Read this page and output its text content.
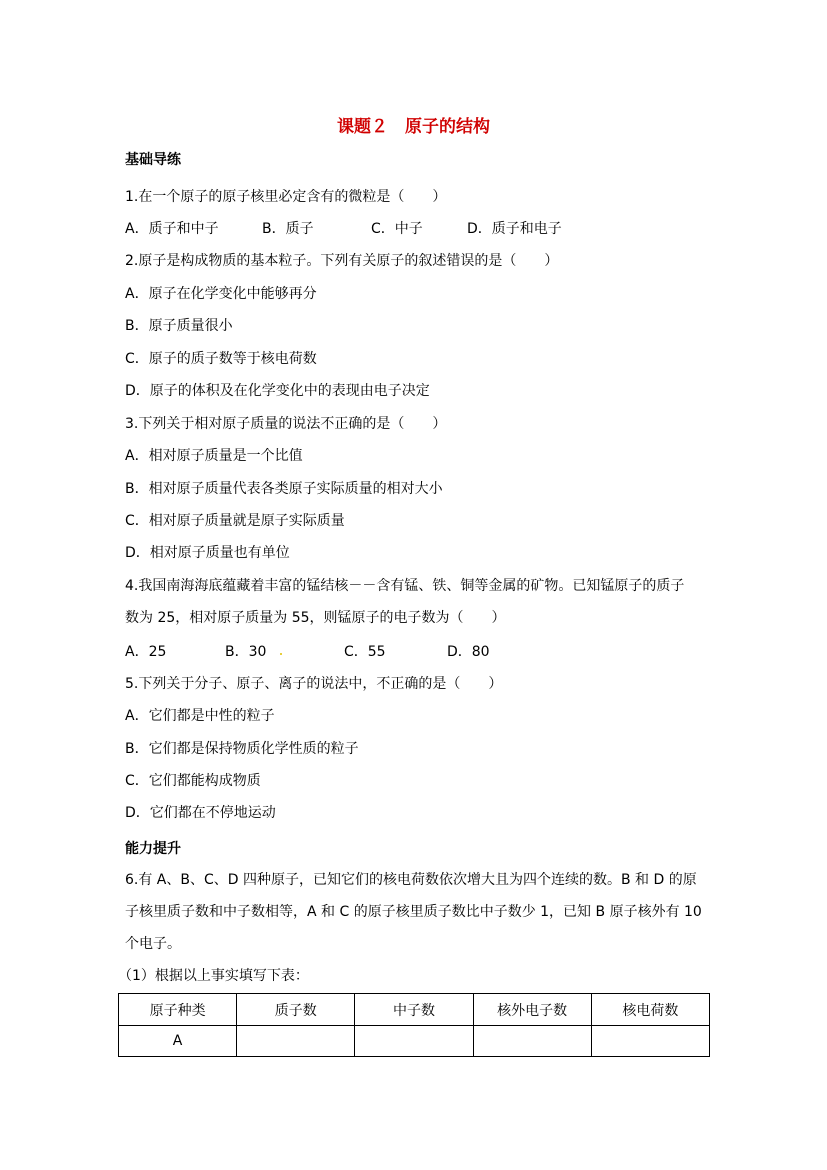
课题２　原子的结构
基础导练
1.在一个原子的原子核里必定含有的微粒是（　　）
A．质子和中子	B．质子	C．中子	D．质子和电子
2.原子是构成物质的基本粒子。下列有关原子的叙述错误的是（　　）
A．原子在化学变化中能够再分
B．原子质量很小
C．原子的质子数等于核电荷数
D．原子的体积及在化学变化中的表现由电子决定
3.下列关于相对原子质量的说法不正确的是（　　）
A．相对原子质量是一个比值
B．相对原子质量代表各类原子实际质量的相对大小
C．相对原子质量就是原子实际质量
D．相对原子质量也有单位
4.我国南海海底蕴藏着丰富的锰结核－－含有锰、铁、铜等金属的矿物。已知锰原子的质子
数为 25，相对原子质量为 55，则锰原子的电子数为（　　）
A．25	B．30	C．55	D．80
5.下列关于分子、原子、离子的说法中，不正确的是（　　）
A．它们都是中性的粒子
B．它们都是保持物质化学性质的粒子
C．它们都能构成物质
D．它们都在不停地运动
能力提升
6.有 A、B、C、D 四种原子，已知它们的核电荷数依次增大且为四个连续的数。B 和 D 的原
子核里质子数和中子数相等，A 和 C 的原子核里质子数比中子数少 1，已知 B 原子核外有 10
个电子。
（1）根据以上事实填写下表：
原子种类	质子数	中子数	核外电子数	核电荷数
A				
